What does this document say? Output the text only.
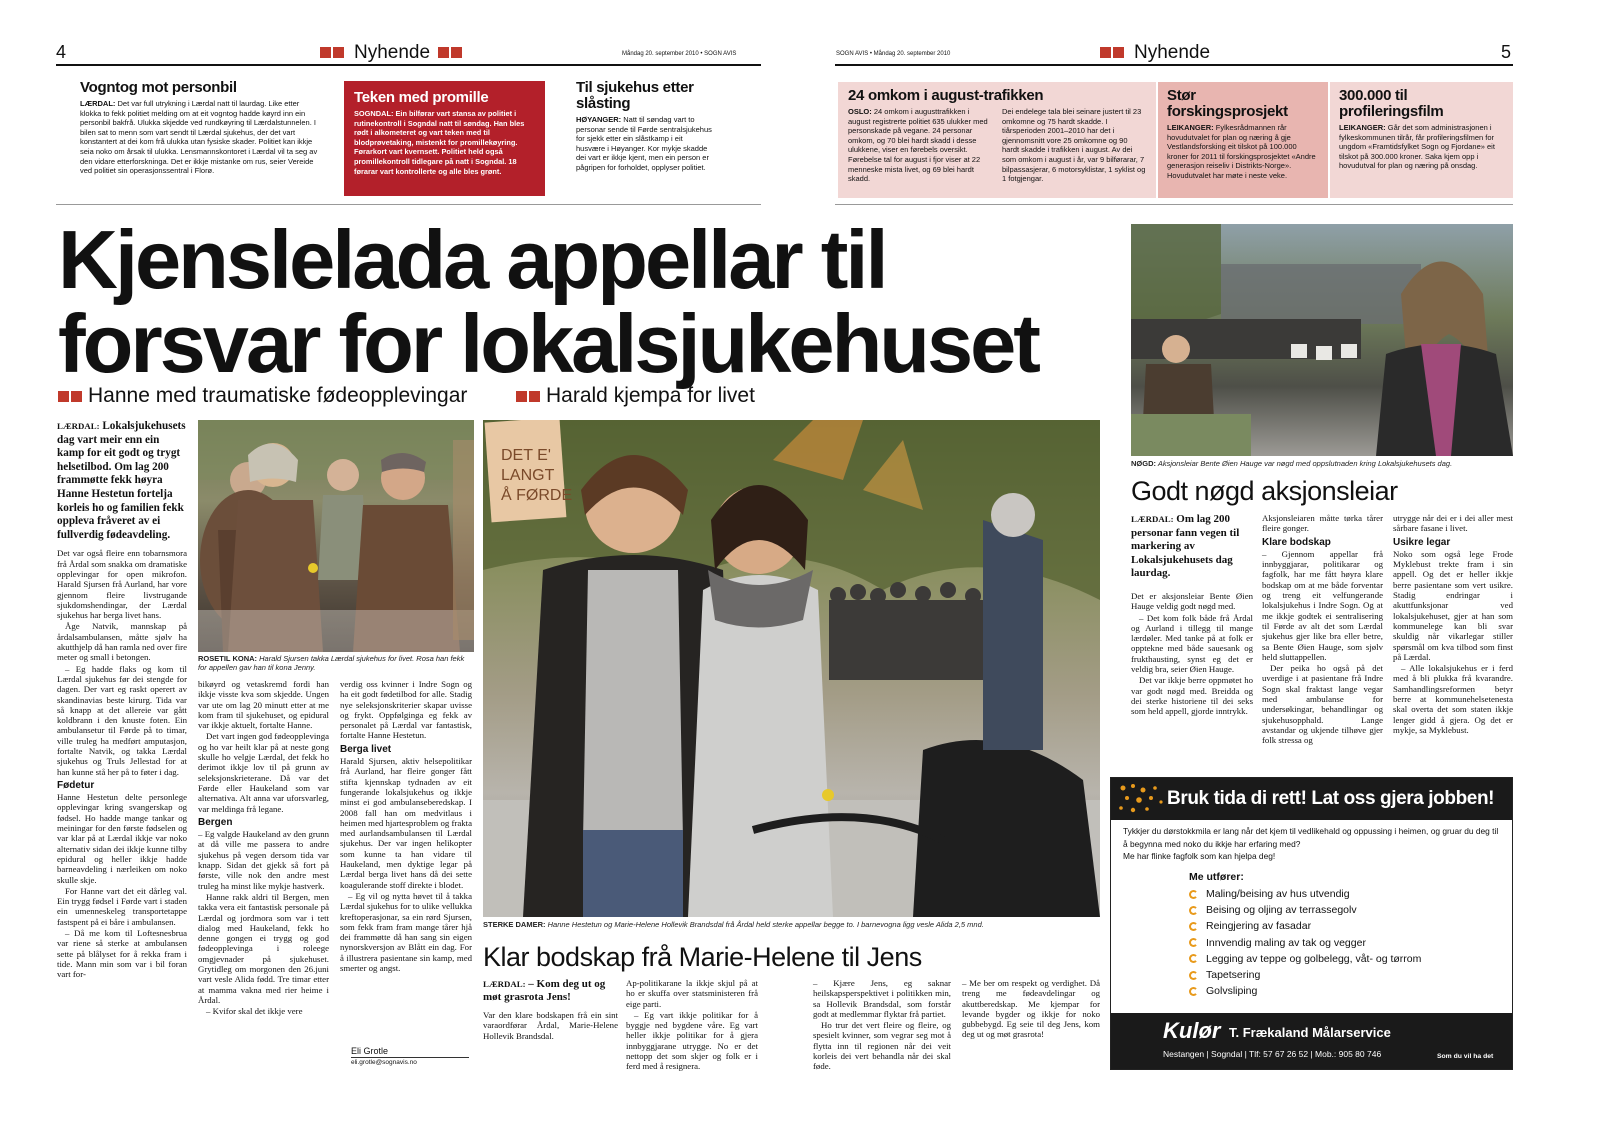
4	5
Nyhende	Nyhende
Måndag 20. september 2010 • SOGN AVIS	SOGN AVIS • Måndag 20. september 2010
Vogntog mot personbil
LÆRDAL: Det var full utrykning i Lærdal natt til laurdag. Like etter klokka to fekk politiet melding om at eit vogntog hadde køyrd inn ein personbil bakfrå. Ulukka skjedde ved rundkøyring til Lærdalstunnelen. I bilen sat to menn som vart sendt til Lærdal sjukehus, der det vart konstantert at dei kom frå ulukka utan fysiske skader. Politiet kan ikkje seia noko om årsak til ulukka. Lensmannskontoret i Lærdal vil ta seg av den vidare etterforskninga. Det er ikkje mistanke om rus, seier Vereide ved politiet sin operasjonssentral i Florø.
Teken med promille
SOGNDAL: Ein bilførar vart stansa av politiet i rutinekontroll i Sogndal natt til søndag. Han bles rødt i alkometeret og vart teken med til blodprøvetaking, mistenkt for promillekøyring. Førarkort vart kvernsett. Politiet held også promillekontroll tidlegare på natt i Sogndal. 18 førarar vart kontrollerte og alle bles grønt.
Til sjukehus etter slåsting
HØYANGER: Natt til søndag vart to personar sende til Førde sentralsjukehus for sjekk etter ein slåstkamp i eit husvære i Høyanger. Kor mykje skadde dei vart er ikkje kjent, men ein person er pågripen for forholdet, opplyser politiet.
24 omkom i august-trafikken
OSLO: 24 omkom i augusttrafikken i august registrerte politiet 635 ulukker med personskade på vegane. 24 personar omkom, og 70 blei hardt skadd i desse ulukkene, viser en førebels oversikt. Førebelse tal for august i fjor viser at 22 menneske mista livet, og 69 blei hardt skadd.
Dei endelege tala blei seinare justert til 23 omkomne og 75 hardt skadde. I tiårsperioden 2001–2010 har det i gjennomsnitt vore 25 omkomne og 90 hardt skadde i trafikken i august. Av dei som omkom i august i år, var 9 bilførarar, 7 bilpassasjerar, 6 motorsyklistar, 1 syklist og 1 fotgjengar.
Stør forskingsprosjekt
LEIKANGER: Fylkesrådmannen rår hovudutvalet for plan og næring å gje Vestlandsforsking eit tilskot på 100.000 kroner for 2011 til forskingsprosjektet «Andre generasjon reiseliv i Distrikts-Norge». Hovudutvalet har møte i neste veke.
300.000 til profileringsfilm
LEIKANGER: Går det som administrasjonen i fylkeskommunen tilrår, får profileringsfilmen for ungdom «Framtidsfylket Sogn og Fjordane» eit tilskot på 300.000 kroner. Saka kjem opp i hovudutval for plan og næring på onsdag.
Kjenslelada appellar til
forsvar for lokalsjukehuset
Hanne med traumatiske fødeopplevingar	Harald kjempa for livet
LÆRDAL: Lokalsjukehusets dag vart meir enn ein kamp for eit godt og trygt helsetilbod. Om lag 200 frammøtte fekk høyra Hanne Hestetun fortelja korleis ho og familien fekk oppleva fråveret av ei fullverdig fødeavdeling.

Det var også fleire enn tobarnsmora frå Årdal som snakka om dramatiske opplevingar for open mikrofon. Harald Sjursen frå Aurland, har vore gjennom fleire livstrugande sjukdomshendingar, der Lærdal sjukehus har berga livet hans.

Åge Natvik, mannskap på årdalsambulansen, måtte sjølv ha akutthjelp då han ramla ned over fire meter og small i betongen.

– Eg hadde flaks og kom til Lærdal sjukehus før dei stengde for dagen. Der vart eg raskt operert av skandinavias beste kirurg. Tida var så knapp at det allereie var gått koldbrann i den knuste foten. Ein ambulansetur til Førde på to timar, ville truleg ha medført amputasjon, fortalte Natvik, og takka Lærdal sjukehus og Truls Jellestad for at han kunne stå her på to føter i dag.

Fødetur

Hanne Hestetun delte personlege opplevingar kring svangerskap og fødsel. Ho hadde mange tankar og meiningar for den første fødselen og var klar på at Lærdal ikkje var noko alternativ sidan dei ikkje kunne tilby epidural og heller ikkje hadde barneavdeling i nærleiken om noko skulle skje.

For Hanne vart det eit dårleg val. Ein trygg fødsel i Førde vart i staden ein umenneskeleg transportetappe fastspent på ei båre i ambulansen.

– Då me kom til Loftesnesbrua var riene så sterke at ambulansen sette på blålyset for å rekka fram i tide. Mann min som var i bil foran vart for-

ROSETIL KONA: Harald Sjursen takka Lærdal sjukehus for livet. Rosa han fekk for appellen gav han til kona Jenny.

bikøyrd og vetaskremd fordi han ikkje visste kva som skjedde. Ungen var ute om lag 20 minutt etter at me kom fram til sjukehuset, og epidural var ikkje aktuelt, fortalte Hanne.

Det vart ingen god fødeopplevinga og ho var heilt klar på at neste gong skulle ho velgje Lærdal, det fekk ho derimot ikkje lov til på grunn av seleksjonskrieterane. Då var det Førde eller Haukeland som var alternativa. Alt anna var uforsvarleg, var meldinga frå legane.

Bergen

– Eg valgde Haukeland av den grunn at då ville me passera to andre sjukehus på vegen dersom tida var knapp. Sidan det gjekk så fort på første, ville nok den andre mest truleg ha minst like mykje hastverk.

Hanne rakk aldri til Bergen, men takka vera eit fantastisk personale på Lærdal og jordmora som var i tett dialog med Haukeland, fekk ho denne gongen ei trygg og god fødeopplevinga i roleege omgjevnader på sjukehuset. Grytidleg om morgonen den 26.juni vart vesle Alida fødd. Tre timar etter at mamma vakna med rier heime i Årdal.

– Kvifor skal det ikkje vere

verdig oss kvinner i Indre Sogn og ha eit godt fødetilbod for alle. Stadig nye seleksjonskriterier skapar uvisse og frykt. Oppfølginga eg fekk av personalet på Lærdal var fantastisk, fortalte Hanne Hestetun.

Berga livet

Harald Sjursen, aktiv helsepolitikar frå Aurland, har fleire gonger fått stifta kjennskap tydnaden av eit fungerande lokalsjukehus og ikkje minst ei god ambulanseberedskap. I 2008 fall han om medvitlaus i heimen med hjartesproblem og frakta med aurlandsambulansen til Lærdal sjukehus. Der var ingen helikopter som kunne ta han vidare til Haukeland, men dyktige legar på Lærdal berga livet hans då dei sette koagulerande stoff direkte i blodet.

– Eg vil og nytta høvet til å takka Lærdal sjukehus for to ulike vellukka kreftoperasjonar, sa ein rørd Sjursen, som fekk fram fram mange tårer hjå dei frammøtte då han sang sin eigen nynorskversjon av Blått ein dag. For å illustrera pasientane sin kamp, med smerter og angst.

Eli Grotle
eli.grotle@sognavis.no
DET E'
LANGT
Å FØRDE
STERKE DAMER: Hanne Hestetun og Marie-Helene Hollevik Brandsdal frå Årdal held sterke appellar begge to. I barnevogna ligg vesle Alida 2,5 mnd.
Klar bodskap frå Marie-Helene til Jens
LÆRDAL: – Kom deg ut og møt grasrota Jens!

Var den klare bodskapen frå ein sint varaordførar Årdal, Marie-Helene Hollevik Brandsdal.

Ap-politikarane la ikkje skjul på at ho er skuffa over statsministeren frå eige parti.

– Eg vart ikkje politikar for å byggje ned bygdene våre. Eg vart heller ikkje politikar for å gjera innbyggjarane utrygge. No er det nettopp det som skjer og folk er i ferd med å resignera.

– Kjære Jens, eg saknar heilskapsperspektivet i politikken min, sa Hollevik Brandsdal, som forstår godt at medlemmar flyktar frå partiet.

Ho trur det vert fleire og fleire, og spesielt kvinner, som vegrar seg mot å flytta inn til regionen når dei veit korleis dei vert behandla når dei skal føde.

– Me ber om respekt og verdighet. Då treng me fødeavdelingar og akuttberedskap. Me kjempar for levande bygder og ikkje for noko gubbebygd. Eg seie til deg Jens, kom deg ut og møt grasrota!

NØGD: Aksjonsleiar Bente Øien Hauge var nøgd med oppslutnaden kring Lokalsjukehusets dag.
Godt nøgd aksjonsleiar
LÆRDAL: Om lag 200 personar fann vegen til markering av Lokalsjukehusets dag laurdag.

Det er aksjonsleiar Bente Øien Hauge veldig godt nøgd med.

– Det kom folk både frå Årdal og Aurland i tillegg til mange lærdøler. Med tanke på at folk er opptekne med både sauesank og frukthausting, synst eg det er veldig bra, seier Øien Hauge.

Det var ikkje berre oppmøtet ho var godt nøgd med. Breidda og dei sterke historiene til dei seks som held appell, gjorde inntrykk.

Aksjonsleiaren måtte tørka tårer fleire gonger.

Klare bodskap

– Gjennom appellar frå innbyggjarar, politikarar og fagfolk, har me fått høyra klare bodskap om at me både forventar og treng eit velfungerande lokalsjukehus i Indre Sogn. Og at me ikkje godtek ei sentralisering til Førde av alt det som Lærdal sjukehus gjer like bra eller betre, sa Bente Øien Hauge, som sjølv held sluttappellen.

Der peika ho også på det uverdige i at pasientane frå Indre Sogn skal fraktast lange vegar med ambulanse for undersøkingar, behandlingar og sjukehusopphald. Lange avstandar og ukjende tilhøve gjer folk stressa og

utrygge når dei er i dei aller mest sårbare fasane i livet.

Usikre legar

Noko som også lege Frode Myklebust trekte fram i sin appell. Og det er heller ikkje berre pasientane som vert usikre. Stadig endringar i akuttfunksjonar ved lokalsjukehuset, gjer at han som kommunelege kan bli svar skuldig når vikarlegar stiller spørsmål om kva tilbod som finst på Lærdal.

– Alle lokalsjukehus er i ferd med å bli plukka frå kvarandre. Samhandlingsreformen betyr berre at kommunehelsetenesta skal overta det som staten ikkje lenger gidd å gjera. Og det er mykje, sa Myklebust.

Bruk tida di rett! Lat oss gjera jobben!
Tykkjer du dørstokkmila er lang når det kjem til vedlikehald og oppussing i heimen, og gruar du deg til å begynna med noko du ikkje har erfaring med?
Me har flinke fagfolk som kan hjelpa deg!
Me utfører:
Maling/beising av hus utvendig
Beising og oljing av terrassegolv
Reingjering av fasadar
Innvendig maling av tak og vegger
Legging av teppe og golbelegg, våt- og tørrom
Tapetsering
Golvsliping
Kulør T. Frækaland Målarservice
Nestangen | Sogndal | Tlf: 57 67 26 52 | Mob.: 905 80 746	Som du vil ha det
